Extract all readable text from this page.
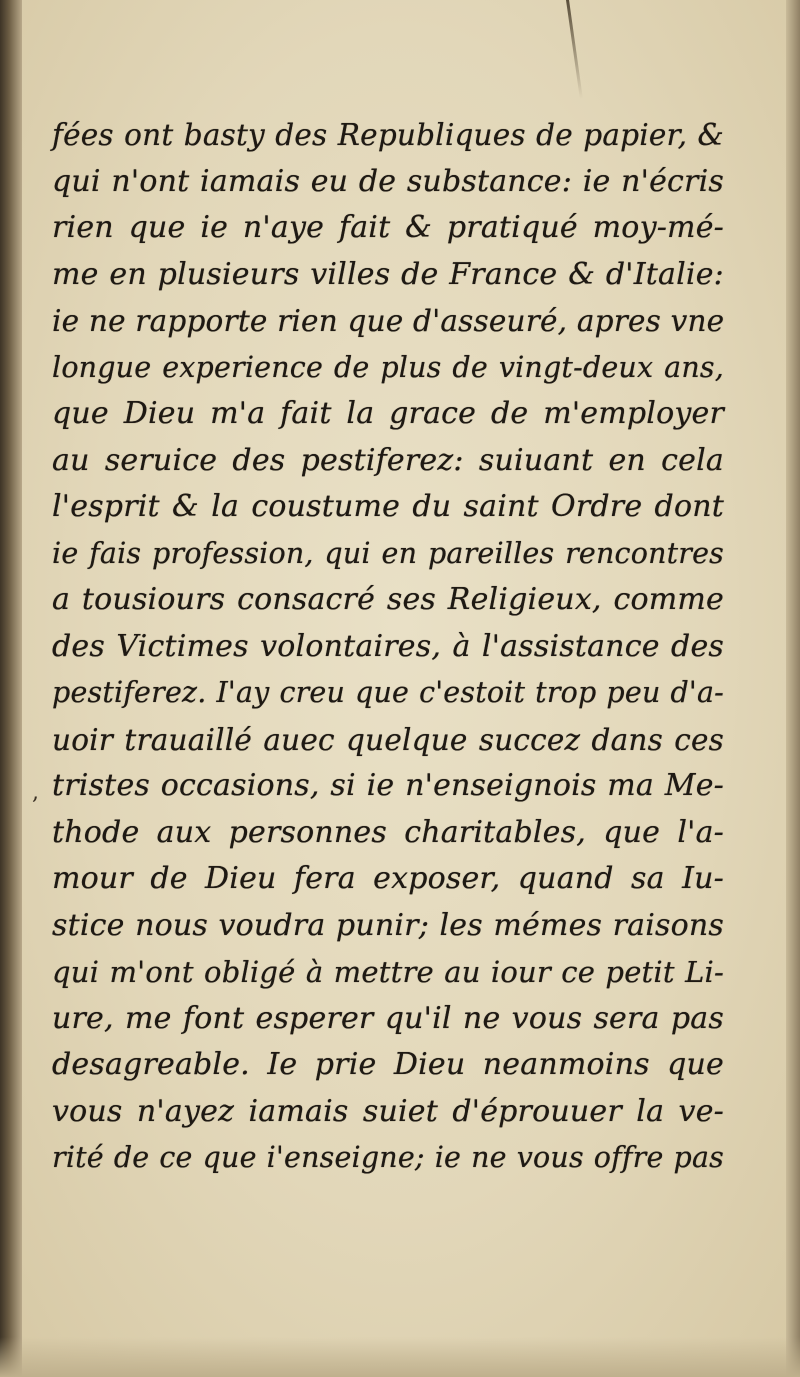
,
fées ont basty des Republiques de papier, &
qui n'ont iamais eu de substance: ie n'écris
rien que ie n'aye fait & pratiqué moy-mé-
me en plusieurs villes de France & d'Italie:
ie ne rapporte rien que d'asseuré, apres vne
longue experience de plus de vingt-deux ans,
que Dieu m'a fait la grace de m'employer
au seruice des pestiferez: suiuant en cela
l'esprit & la coustume du saint Ordre dont
ie fais profession, qui en pareilles rencontres
a tousiours consacré ses Religieux, comme
des Victimes volontaires, à l'assistance des
pestiferez. I'ay creu que c'estoit trop peu d'a-
uoir trauaillé auec quelque succez dans ces
tristes occasions, si ie n'enseignois ma Me-
thode aux personnes charitables, que l'a-
mour de Dieu fera exposer, quand sa Iu-
stice nous voudra punir; les mémes raisons
qui m'ont obligé à mettre au iour ce petit Li-
ure, me font esperer qu'il ne vous sera pas
desagreable. Ie prie Dieu neanmoins que
vous n'ayez iamais suiet d'éprouuer la ve-
rité de ce que i'enseigne; ie ne vous offre pas
